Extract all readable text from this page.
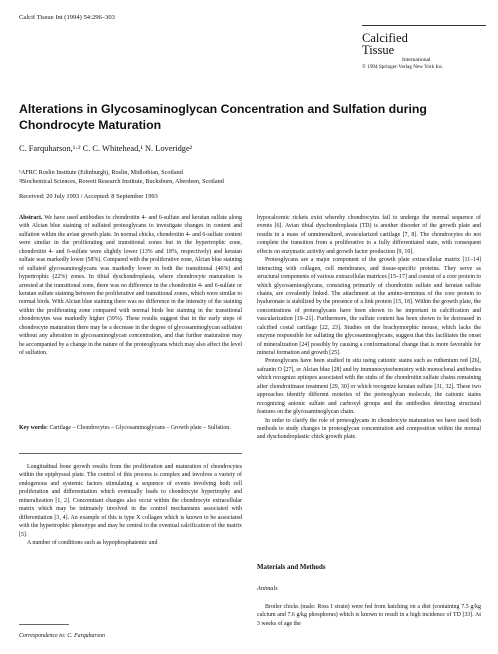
Calcif Tissue Int (1994) 54:296–303
Calcified
Tissue
International
© 1994 Springer-Verlag New York Inc.
Alterations in Glycosaminoglycan Concentration and Sulfation during Chondrocyte Maturation
C. Farquharson,¹·² C. C. Whitehead,¹ N. Loveridge²
¹AFRC Roslin Institute (Edinburgh), Roslin, Midlothian, Scotland
²Biochemical Sciences, Rowett Research Institute, Bucksburn, Aberdeen, Scotland
Received: 20 July 1993 / Accepted: 8 September 1993

Abstract. We have used antibodies to chondroitin 4- and 6-sulfate and keratan sulfate along with Alcian blue staining of sulfated proteoglycans to investigate changes in content and sulfation within the avian growth plate. In normal chicks, chondroitin 4- and 6-sulfate content were similar in the proliferating and transitional zones but in the hypertrophic zone, chondroitin 4- and 6-sulfate were slightly lower (13% and 18%, respectively) and keratan sulfate was markedly lower (58%). Compared with the proliferative zone, Alcian blue staining of sulfated glycosaminoglycans was markedly lower in both the transitional (46%) and hypertrophic (22%) zones. In tibial dyschondroplasia, where chondrocyte maturation is arrested at the transitional zone, there was no difference in the chondroitin 4- and 6-sulfate or keratan sulfate staining between the proliferative and transitional zones, which were similar to normal birds. With Alcian blue staining there was no difference in the intensity of the staining within the proliferating zone compared with normal birds but staining in the transitional chondrocytes was markedly higher (39%). These results suggest that in the early steps of chondrocyte maturation there may be a decrease in the degree of glycosaminoglycan sulfation without any alteration in glycosaminoglycan concentration, and that further maturation may be accompanied by a change in the nature of the proteoglycans which may also affect the level of sulfation.

Key words: Cartilage – Chondrocytes – Glycosaminoglycans – Growth plate – Sulfation.

Longitudinal bone growth results from the proliferation and maturation of chondrocytes within the epiphyseal plate. The control of this process is complex and involves a variety of endogenous and systemic factors stimulating a sequence of events involving both cell proliferation and differentiation which eventually leads to chondrocyte hypertrophy and mineralization [1, 2]. Concomitant changes also occur within the chondrocyte extracellular matrix which may be intimately involved in the control mechanisms associated with differentiation [3, 4]. An example of this is type X collagen which is known to be associated with the hypertrophic phenotype and may be central to the eventual calcification of the matrix [5].

A number of conditions such as hypophosphatemic and

Correspondence to: C. Farquharson

hypocalcemic rickets exist whereby chondrocytes fail to undergo the normal sequence of events [6]. Avian tibial dyschondroplasia (TD) is another disorder of the growth plate and results in a mass of unmineralized, avascularized cartilage [7, 8]. The chondrocytes do not complete the transition from a proliferative to a fully differentiated state, with consequent effects on enzymatic activity and growth factor production [9, 10].

Proteoglycans are a major component of the growth plate extracellular matrix [11–14] interacting with collagen, cell membranes, and tissue-specific proteins. They serve as structural components of various extracellular matrices [15–17] and consist of a core protein to which glycosaminoglycans, consisting primarily of chondroitin sulfate and keratan sulfate chains, are covalently linked. The attachment at the amino-terminus of the core protein to hyaluronate is stabilized by the presence of a link protein [15, 18]. Within the growth plate, the concentrations of proteoglycans have been shown to be important in calcification and vascularization [19–21]. Furthermore, the sulfate content has been shown to be decreased in calcified costal cartilage [22, 23]. Studies on the brachymorphic mouse, which lacks the enzyme responsible for sulfating the glycosaminoglycans, suggest that this facilitates the onset of mineralization [24] possibly by causing a conformational change that is more favorable for mineral formation and growth [25].

Proteoglycans have been studied in situ using cationic stains such as ruthenium red [26], safranin O [27], or Alcian blue [28] and by immunocytochemistry with monoclonal antibodies which recognize epitopes associated with the stubs of the chondroitin sulfate chains remaining after chondroitinase treatment [29, 30] or which recognize keratan sulfate [31, 32]. These two approaches identify different moieties of the proteoglycan molecule, the cationic stains recognizing anionic sulfate and carboxyl groups and the antibodies detecting structural features on the glycosaminoglycan chain.

In order to clarify the role of proteoglycans in chondrocyte maturation we have used both methods to study changes in proteoglycan concentration and composition within the normal and dyschondroplastic chick growth plate.

Materials and Methods
Animals

Broiler chicks (male: Ross I strain) were fed from hatching on a diet (containing 7.5 g/kg calcium and 7.6 g/kg phosphorus) which is known to result in a high incidence of TD [33]. At 3 weeks of age the
